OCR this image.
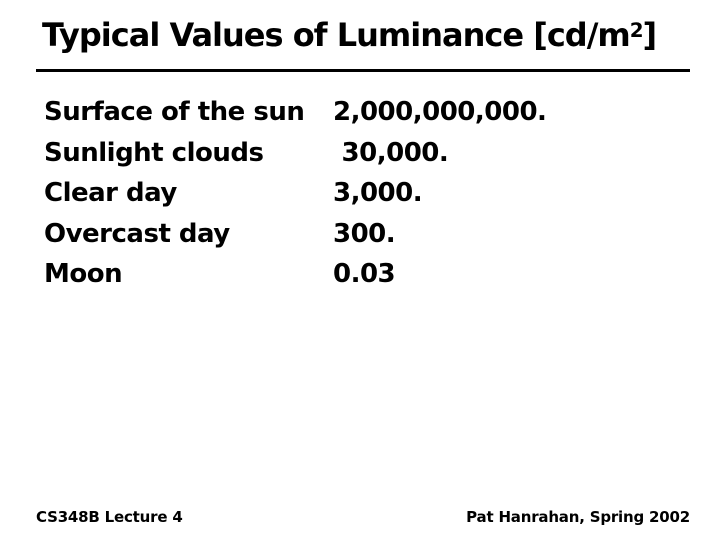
Typical Values of Luminance $[cd/m^2]$
Surface of the sun	2,000,000,000.
Sunlight clouds	30,000.
Clear day	3,000.
Overcast day	300.
Moon	0.03
CS348B Lecture 4	Pat Hanrahan, Spring 2002
